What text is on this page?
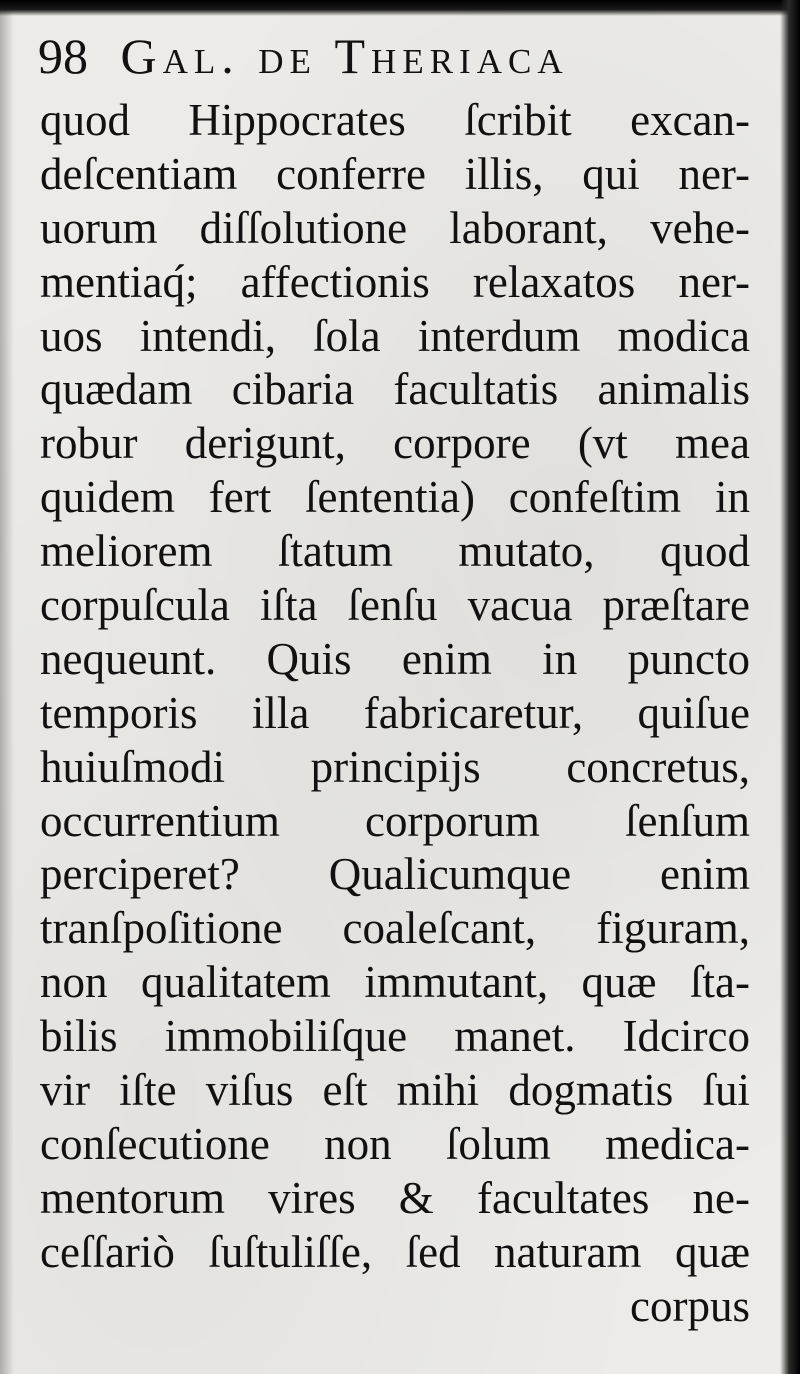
98 Gal. de Theriaca
quod Hippocrates ſcribit excan-
deſcentiam conferre illis, qui ner-
uorum diſſolutione laborant, vehe-
mentiaq́; affectionis relaxatos ner-
uos intendi, ſola interdum modica
quædam cibaria facultatis animalis
robur derigunt, corpore (vt mea
quidem fert ſententia) confeſtim in
meliorem ſtatum mutato, quod
corpuſcula iſta ſenſu vacua præſtare
nequeunt. Quis enim in puncto
temporis illa fabricaretur, quiſue
huiuſmodi principijs concretus,
occurrentium corporum ſenſum
perciperet? Qualicumque enim
tranſpoſitione coaleſcant, figuram,
non qualitatem immutant, quæ ſta-
bilis immobiliſque manet. Idcirco
vir iſte viſus eſt mihi dogmatis ſui
conſecutione non ſolum medica-
mentorum vires & facultates ne-
ceſſariò ſuſtuliſſe, ſed naturam quæ
corpus
